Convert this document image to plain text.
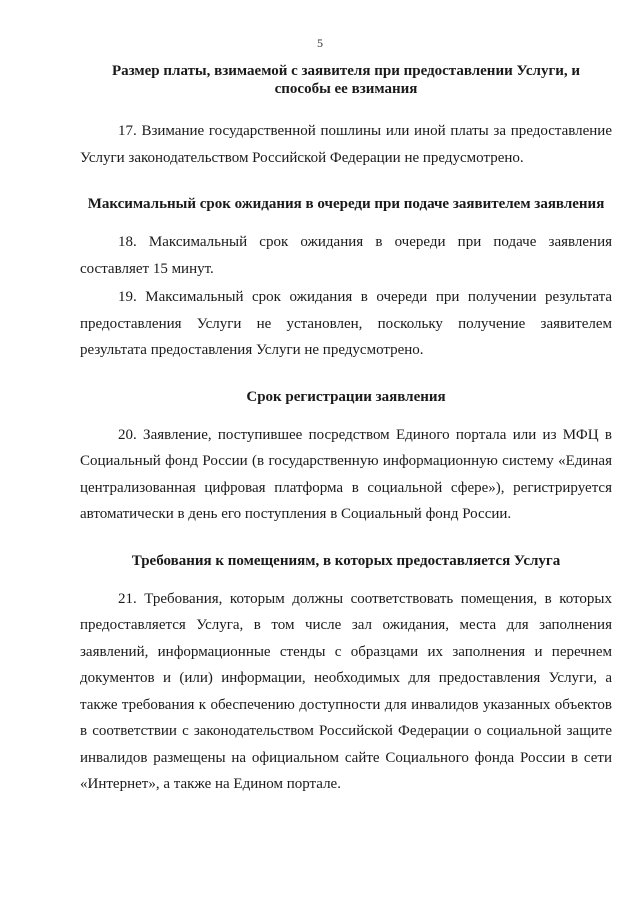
5

Размер платы, взимаемой с заявителя при предоставлении Услуги, и способы ее взимания

17. Взимание государственной пошлины или иной платы за предоставление Услуги законодательством Российской Федерации не предусмотрено.

Максимальный срок ожидания в очереди при подаче заявителем заявления

18. Максимальный срок ожидания в очереди при подаче заявления составляет 15 минут.

19. Максимальный срок ожидания в очереди при получении результата предоставления Услуги не установлен, поскольку получение заявителем результата предоставления Услуги не предусмотрено.

Срок регистрации заявления

20. Заявление, поступившее посредством Единого портала или из МФЦ в Социальный фонд России (в государственную информационную систему «Единая централизованная цифровая платформа в социальной сфере»), регистрируется автоматически в день его поступления в Социальный фонд России.

Требования к помещениям, в которых предоставляется Услуга

21. Требования, которым должны соответствовать помещения, в которых предоставляется Услуга, в том числе зал ожидания, места для заполнения заявлений, информационные стенды с образцами их заполнения и перечнем документов и (или) информации, необходимых для предоставления Услуги, а также требования к обеспечению доступности для инвалидов указанных объектов в соответствии с законодательством Российской Федерации о социальной защите инвалидов размещены на официальном сайте Социального фонда России в сети «Интернет», а также на Едином портале.
